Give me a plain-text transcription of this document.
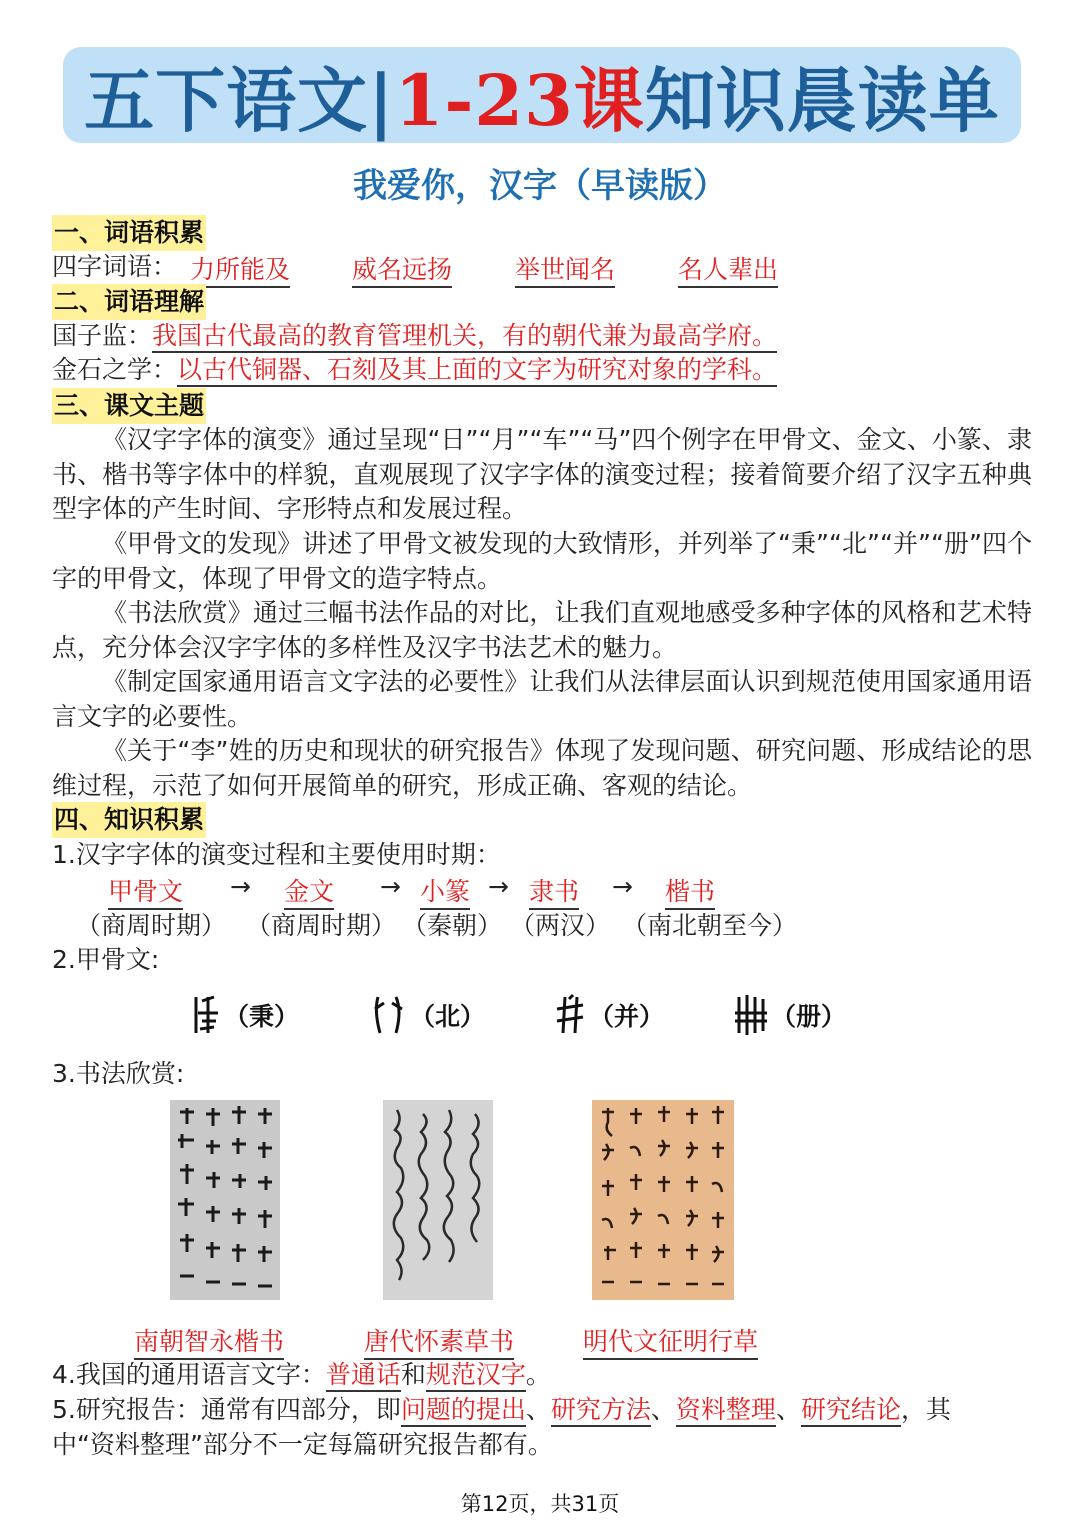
五下语文| 1-23课 知识晨读单
我爱你，汉字（早读版）
一、词语积累
四字词语： 力所能及 威名远扬	举世闻名	名人辈出
二、词语理解
国子监：我国古代最高的教育管理机关，有的朝代兼为最高学府。
金石之学：以古代铜器、石刻及其上面的文字为研究对象的学科。
三、课文主题
《汉字字体的演变》通过呈现“日”“月”“车”“马”四个例字在甲骨文、金文、小篆、隶书、楷书等字体中的样貌，直观展现了汉字字体的演变过程；接着简要介绍了汉字五种典型字体的产生时间、字形特点和发展过程。
《甲骨文的发现》讲述了甲骨文被发现的大致情形，并列举了“秉”“北”“并”“册”四个字的甲骨文，体现了甲骨文的造字特点。
《书法欣赏》通过三幅书法作品的对比，让我们直观地感受多种字体的风格和艺术特点，充分体会汉字字体的多样性及汉字书法艺术的魅力。
《制定国家通用语言文字法的必要性》让我们从法律层面认识到规范使用国家通用语言文字的必要性。
《关于“李”姓的历史和现状的研究报告》体现了发现问题、研究问题、形成结论的思维过程，示范了如何开展简单的研究，形成正确、客观的结论。
四、知识积累
1.汉字字体的演变过程和主要使用时期：
甲骨文 → 金文 → 小篆 → 隶书 → 楷书
（商周时期） （商周时期） （秦朝） （两汉） （南北朝至今）
2.甲骨文:
（秉）	（北）	（并）	（册）
3.书法欣赏:
南朝智永楷书	唐代怀素草书	明代文征明行草
4.我国的通用语言文字：普通话和规范汉字。
5.研究报告：通常有四部分，即问题的提出、研究方法、资料整理、研究结论，其
中“资料整理”部分不一定每篇研究报告都有。
第12页，共31页
